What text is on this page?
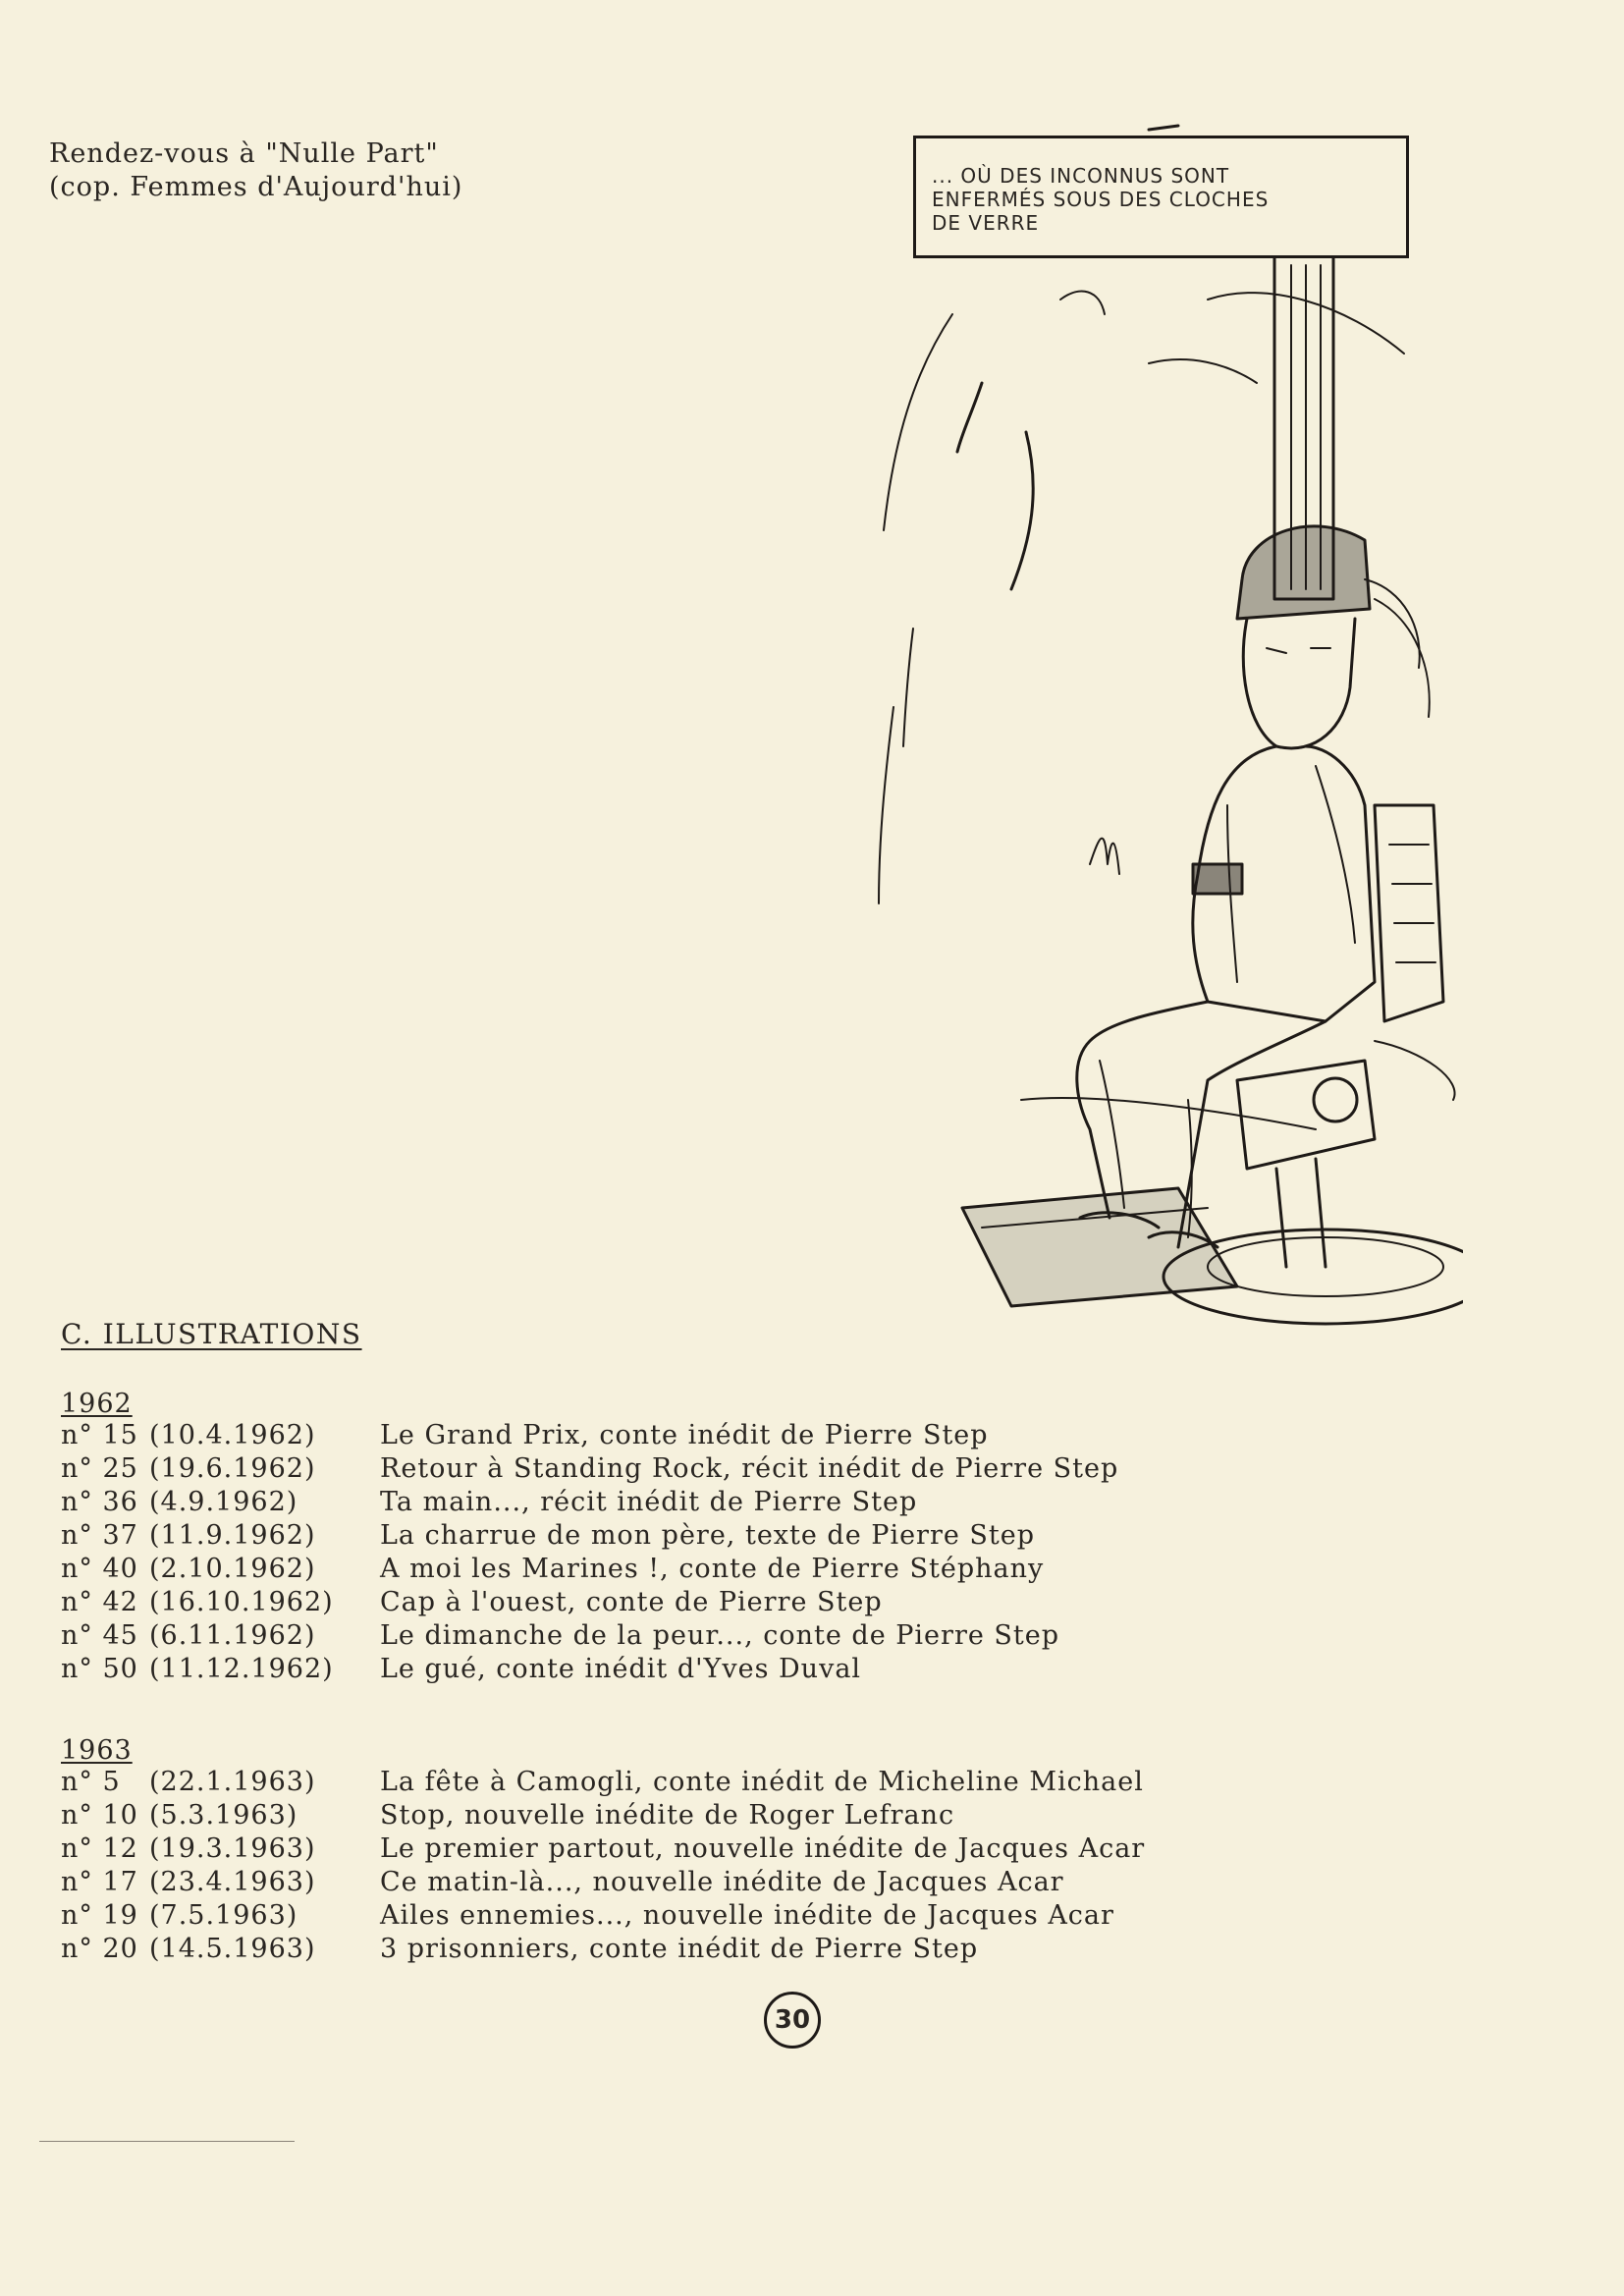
Rendez-vous à "Nulle Part"
(cop. Femmes d'Aujourd'hui)	... OÙ DES INCONNUS SONT
ENFERMÉS SOUS DES CLOCHES
DE VERRE
C. ILLUSTRATIONS
1962
n° 15 (10.4.1962)	Le Grand Prix, conte inédit de Pierre Step
n° 25 (19.6.1962)	Retour à Standing Rock, récit inédit de Pierre Step
n° 36 (4.9.1962)	Ta main..., récit inédit de Pierre Step
n° 37 (11.9.1962)	La charrue de mon père, texte de Pierre Step
n° 40 (2.10.1962)	A moi les Marines !, conte de Pierre Stéphany
n° 42 (16.10.1962)	Cap à l'ouest, conte de Pierre Step
n° 45 (6.11.1962)	Le dimanche de la peur..., conte de Pierre Step
n° 50 (11.12.1962)	Le gué, conte inédit d'Yves Duval
1963
n° 5	(22.1.1963)	La fête à Camogli, conte inédit de Micheline Michael
n° 10 (5.3.1963)	Stop, nouvelle inédite de Roger Lefranc
n° 12 (19.3.1963)	Le premier partout, nouvelle inédite de Jacques Acar
n° 17 (23.4.1963)	Ce matin-là..., nouvelle inédite de Jacques Acar
n° 19 (7.5.1963)	Ailes ennemies..., nouvelle inédite de Jacques Acar
n° 20 (14.5.1963)	3 prisonniers, conte inédit de Pierre Step
30
